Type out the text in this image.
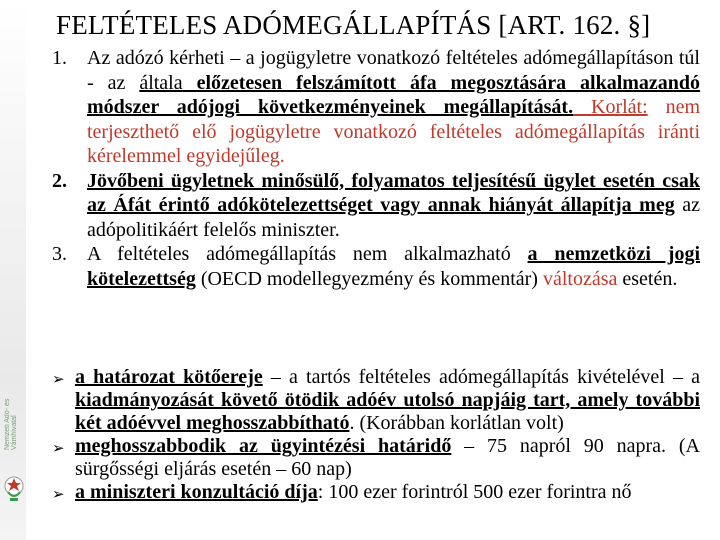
Nemzeti Adó- és Vámhivatal
FELTÉTELES ADÓMEGÁLLAPÍTÁS [ART. 162. §]
1. Az adózó kérheti – a jogügyletre vonatkozó feltételes adómegállapításon túl - az általa előzetesen felszámított áfa megosztására alkalmazandó módszer adójogi következményeinek megállapítását. Korlát: nem terjeszthető elő jogügyletre vonatkozó feltételes adómegállapítás iránti kérelemmel egyidejűleg.
2. Jövőbeni ügyletnek minősülő, folyamatos teljesítésű ügylet esetén csak az Áfát érintő adókötelezettséget vagy annak hiányát állapítja meg az adópolitikáért felelős miniszter.
3. A feltételes adómegállapítás nem alkalmazható a nemzetközi jogi kötelezettség (OECD modellegyezmény és kommentár) változása esetén.
➢ a határozat kötőereje – a tartós feltételes adómegállapítás kivételével – a kiadmányozását követő ötödik adóév utolsó napjáig tart, amely további két adóévvel meghosszabbítható. (Korábban korlátlan volt)
➢ meghosszabbodik az ügyintézési határidő – 75 napról 90 napra. (A sürgősségi eljárás esetén – 60 nap)
➢ a miniszteri konzultáció díja: 100 ezer forintról 500 ezer forintra nő
